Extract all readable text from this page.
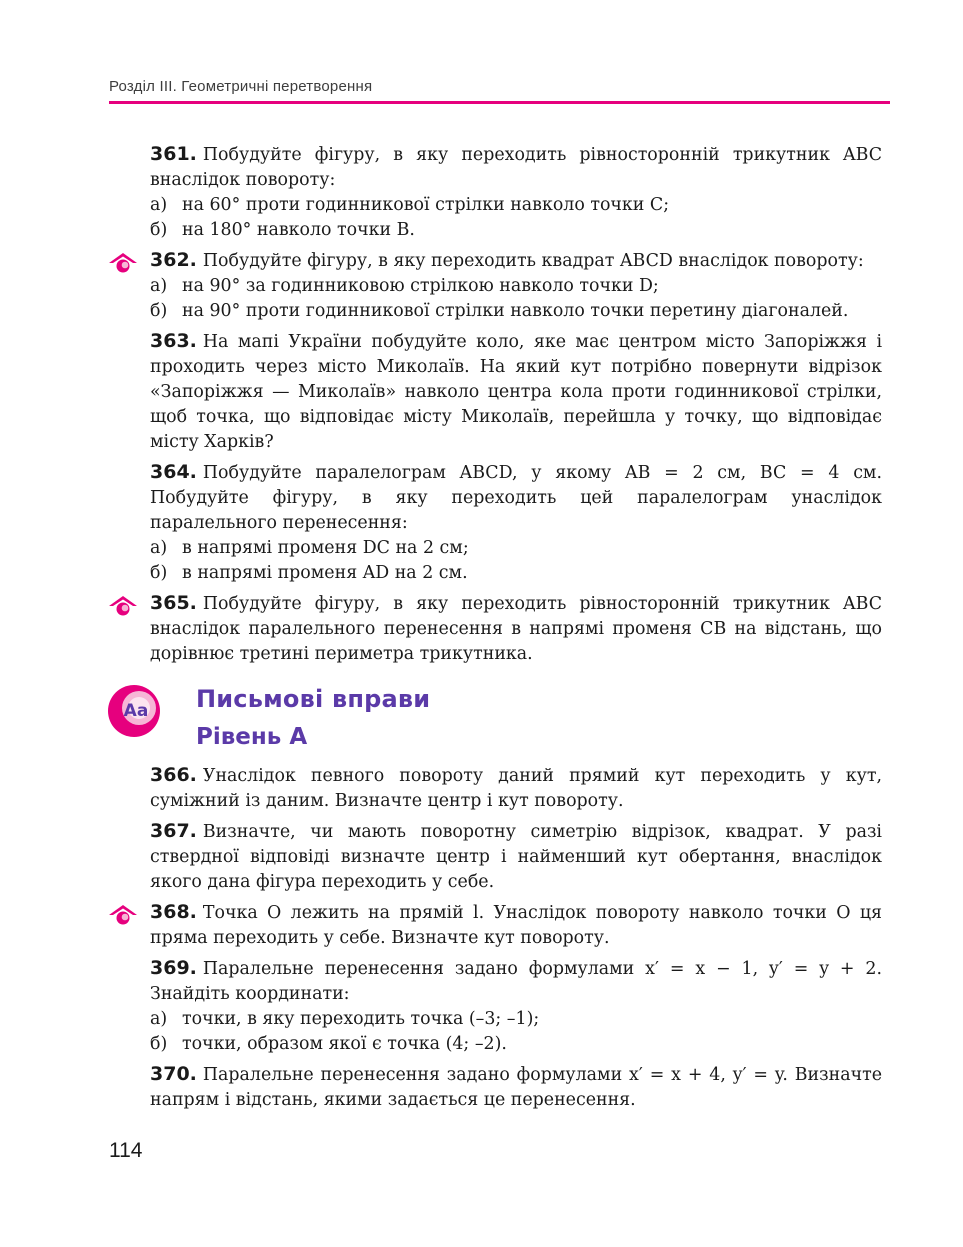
Розділ III. Геометричні перетворення

361. Побудуйте фігуру, в яку переходить рівносторонній трикутник ABC внаслідок повороту:

а) на 60° проти годинникової стрілки навколо точки C;

б) на 180° навколо точки B.

362. Побудуйте фігуру, в яку переходить квадрат ABCD внаслідок повороту:

а) на 90° за годинниковою стрілкою навколо точки D;

б) на 90° проти годинникової стрілки навколо точки перетину діагоналей.

363. На мапі України побудуйте коло, яке має центром місто Запоріжжя і проходить через місто Миколаїв. На який кут потрібно повернути відрізок «Запоріжжя — Миколаїв» навколо центра кола проти годинникової стрілки, щоб точка, що відповідає місту Миколаїв, перейшла у точку, що відповідає місту Харків?

364. Побудуйте паралелограм ABCD, у якому AB = 2 см, BC = 4 см. Побудуйте фігуру, в яку переходить цей паралелограм унаслідок паралельного перенесення:

а) в напрямі променя DC на 2 см;

б) в напрямі променя AD на 2 см.

365. Побудуйте фігуру, в яку переходить рівносторонній трикутник ABC внаслідок паралельного перенесення в напрямі променя CB на відстань, що дорівнює третині периметра трикутника.

Aa Письмові вправи
Рівень А

366. Унаслідок певного повороту даний прямий кут переходить у кут, суміжний із даним. Визначте центр і кут повороту.

367. Визначте, чи мають поворотну симетрію відрізок, квадрат. У разі ствердної відповіді визначте центр і найменший кут обертання, внаслідок якого дана фігура переходить у себе.

368. Точка O лежить на прямій l. Унаслідок повороту навколо точки O ця пряма переходить у себе. Визначте кут повороту.

369. Паралельне перенесення задано формулами x′ = x − 1, y′ = y + 2. Знайдіть координати:

а) точки, в яку переходить точка (–3; –1);

б) точки, образом якої є точка (4; –2).

370. Паралельне перенесення задано формулами x′ = x + 4, y′ = y. Визначте напрям і відстань, якими задається це перенесення.

114
